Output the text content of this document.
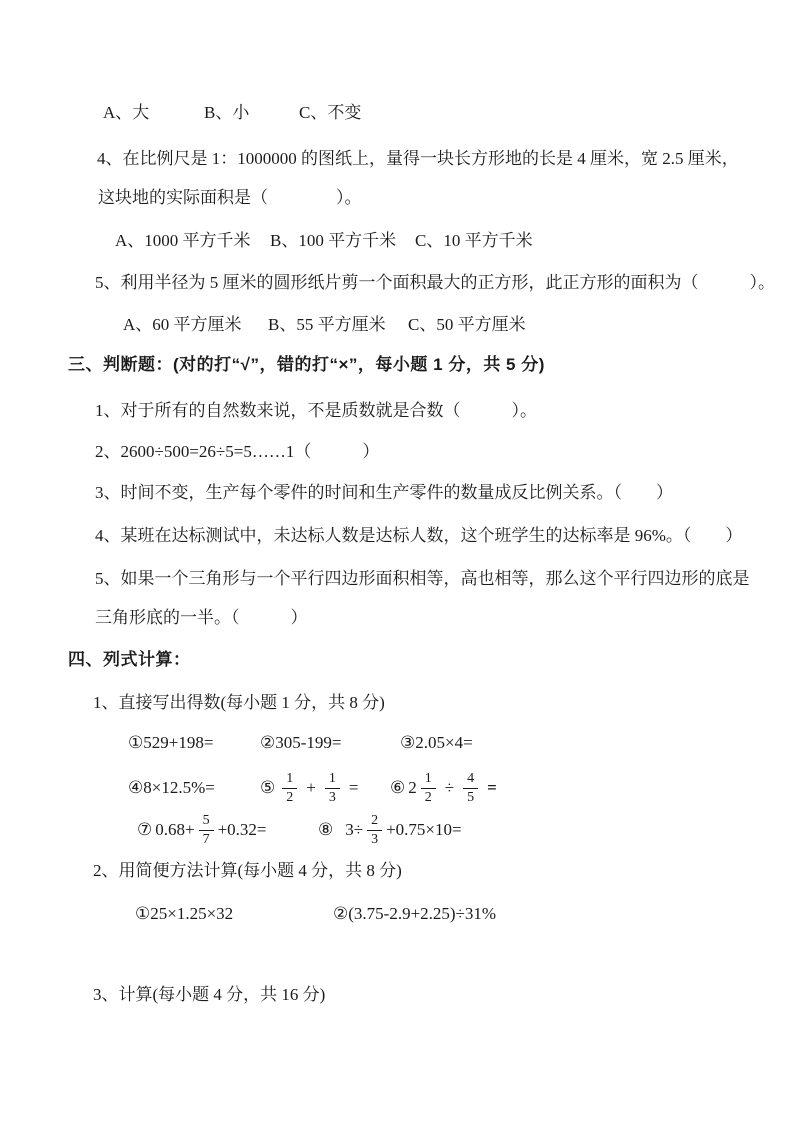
A、大	B、小	C、不变
4、在比例尺是 1：1000000 的图纸上，量得一块长方形地的长是 4 厘米，宽 2.5 厘米，
这块地的实际面积是（　　　　）。
A、1000 平方千米 B、100 平方千米 C、10 平方千米
5、利用半径为 5 厘米的圆形纸片剪一个面积最大的正方形，此正方形的面积为（　　　）。
A、60 平方厘米 B、55 平方厘米 C、50 平方厘米
三、判断题：(对的打“√”，错的打“×”，每小题 1 分，共 5 分)
1、对于所有的自然数来说，不是质数就是合数（　　　）。
2、2600÷500=26÷5=5……1（　　　）
3、时间不变，生产每个零件的时间和生产零件的数量成反比例关系。（　　）
4、某班在达标测试中，未达标人数是达标人数，这个班学生的达标率是 96%。（　　）
5、如果一个三角形与一个平行四边形面积相等，高也相等，那么这个平行四边形的底是
三角形底的一半。（　　　）
四、列式计算：
1、直接写出得数(每小题 1 分，共 8 分)
①529+198=	②305-199=	③2.05×4=
④8×12.5%=	⑤ $\frac{1}{2} + \frac{1}{3}$ = ⑥ $2 \frac{1}{2} \div \frac{4}{5}$ =
⑦ $0.68+ \frac{5}{7} +0.32=$	⑧ $3\div \frac{2}{3} +0.75\times 10=$
2、用简便方法计算(每小题 4 分，共 8 分)
①25×1.25×32	②(3.75-2.9+2.25)÷31%
3、计算(每小题 4 分，共 16 分)
